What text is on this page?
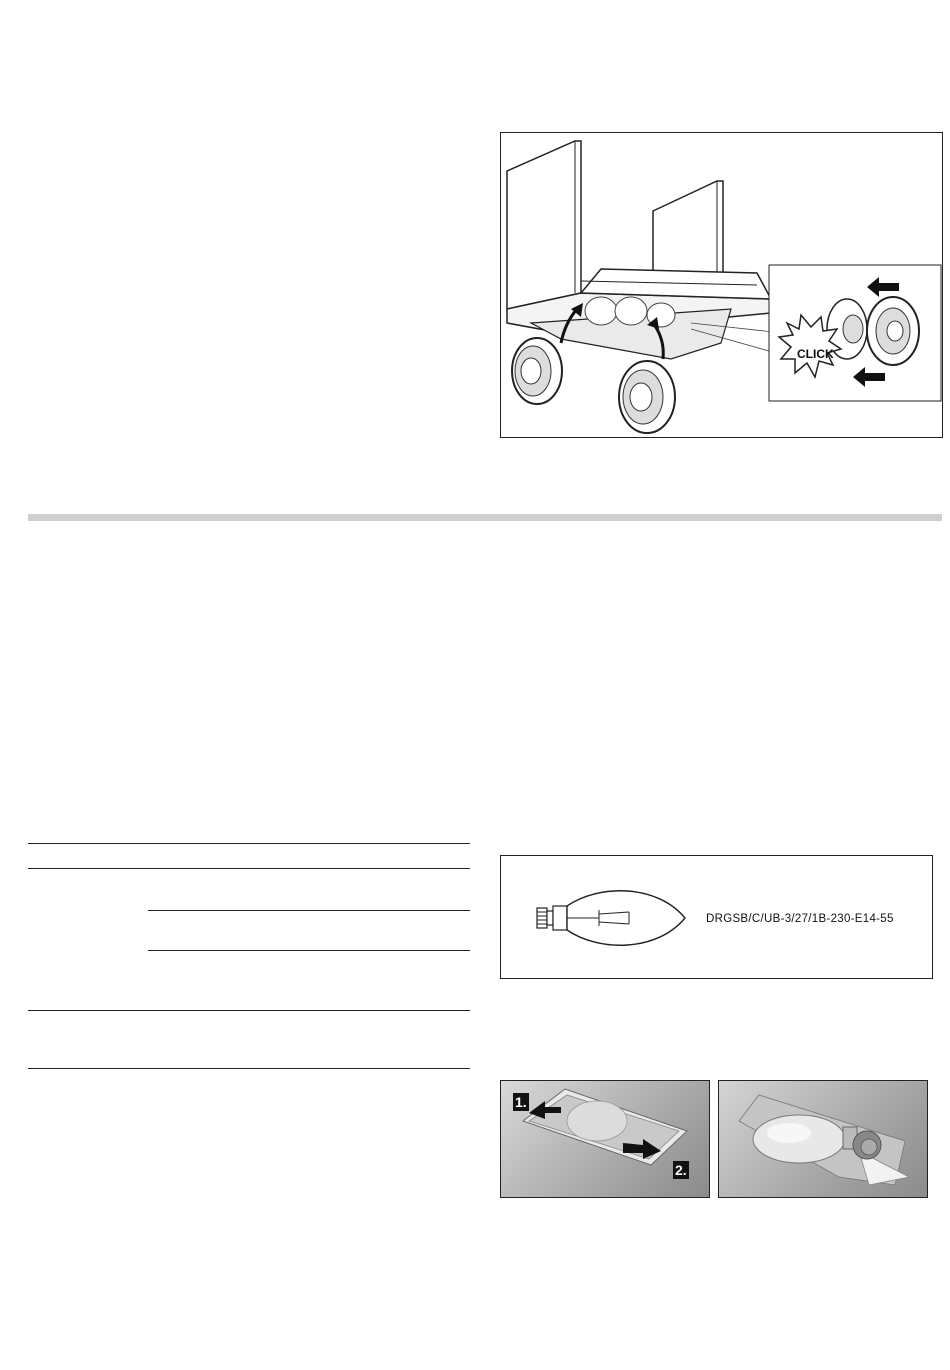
CLICK
DRGSB/C/UB-3/27/1B-230-E14-55
1.
2.
